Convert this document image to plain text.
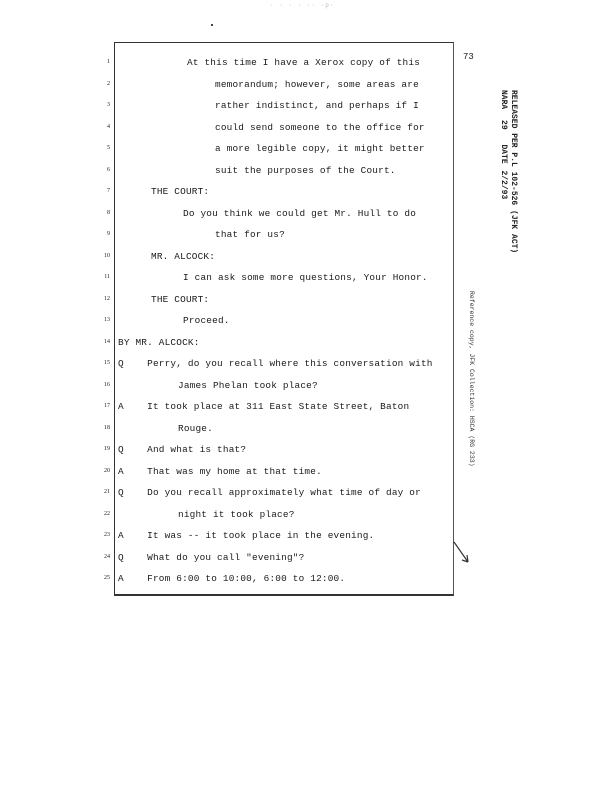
· · · · ·· ·p·
73
1	At this time I have a Xerox copy of this
2	memorandum; however, some areas are
3	rather indistinct, and perhaps if I
4	could send someone to the office for
5	a more legible copy, it might better
6	suit the purposes of the Court.
7	THE COURT:
8	Do you think we could get Mr. Hull to do
9	that for us?
10	MR. ALCOCK:
11	I can ask some more questions, Your Honor.
12	THE COURT:
13	Proceed.
14 BY MR. ALCOCK:
15 Q    Perry, do you recall where this conversation with
16	James Phelan took place?
17 A    It took place at 311 East State Street, Baton
18	Rouge.
19 Q    And what is that?
20 A    That was my home at that time.
21 Q    Do you recall approximately what time of day or
22	night it took place?
23 A    It was -- it took place in the evening.
24 Q    What do you call "evening"?
25 A    From 6:00 to 10:00, 6:00 to 12:00.
RELEASED PER P.L 102-526 (JFK ACT)
NARA 29 DATE 2/2/93
Reference copy, JFK Collection: HSCA (RG 233)
